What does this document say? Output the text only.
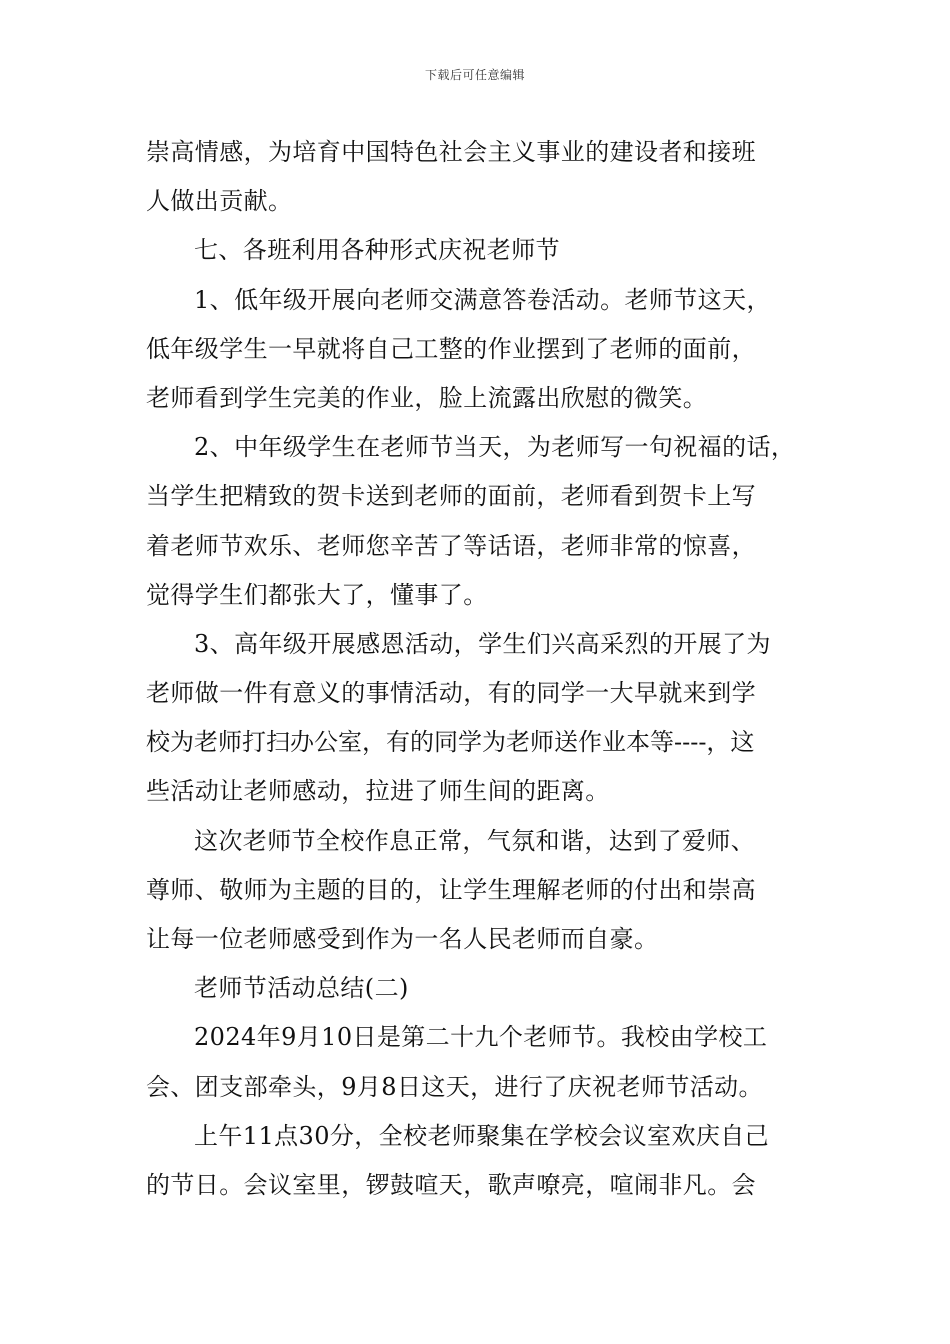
下载后可任意编辑
崇高情感，为培育中国特色社会主义事业的建设者和接班
人做出贡献。
七、各班利用各种形式庆祝老师节
1、低年级开展向老师交满意答卷活动。老师节这天，
低年级学生一早就将自己工整的作业摆到了老师的面前，
老师看到学生完美的作业，脸上流露出欣慰的微笑。
2、中年级学生在老师节当天，为老师写一句祝福的话，
当学生把精致的贺卡送到老师的面前，老师看到贺卡上写
着老师节欢乐、老师您辛苦了等话语，老师非常的惊喜，
觉得学生们都张大了，懂事了。
3、高年级开展感恩活动，学生们兴高采烈的开展了为
老师做一件有意义的事情活动，有的同学一大早就来到学
校为老师打扫办公室，有的同学为老师送作业本等----，这
些活动让老师感动，拉进了师生间的距离。
这次老师节全校作息正常，气氛和谐，达到了爱师、
尊师、敬师为主题的目的，让学生理解老师的付出和崇高
让每一位老师感受到作为一名人民老师而自豪。
老师节活动总结(二)
2024年9月10日是第二十九个老师节。我校由学校工
会、团支部牵头，9月8日这天，进行了庆祝老师节活动。
上午11点30分，全校老师聚集在学校会议室欢庆自己
的节日。会议室里，锣鼓喧天，歌声嘹亮，喧闹非凡。会
